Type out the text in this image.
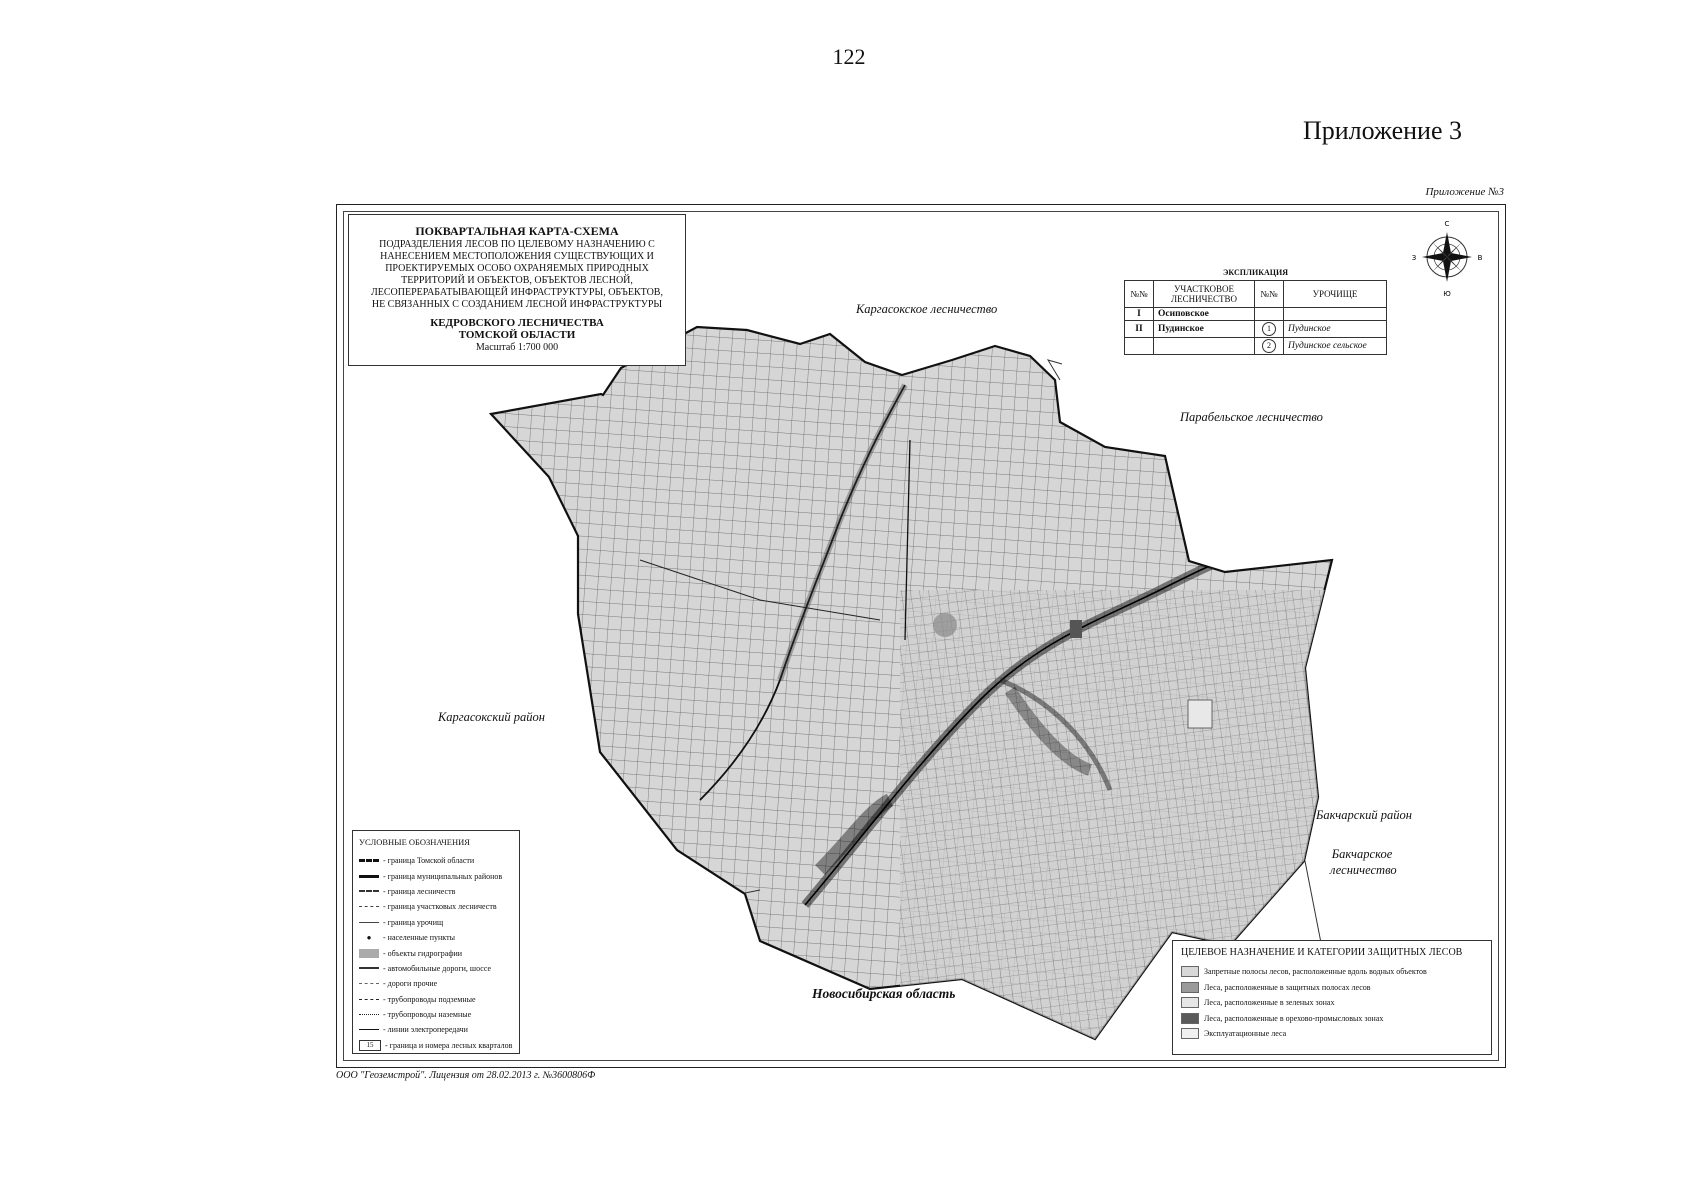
122
Приложение 3
Приложение №3
ПОКВАРТАЛЬНАЯ КАРТА-СХЕМА
ПОДРАЗДЕЛЕНИЯ ЛЕСОВ ПО ЦЕЛЕВОМУ НАЗНАЧЕНИЮ С НАНЕСЕНИЕМ МЕСТОПОЛОЖЕНИЯ СУЩЕСТВУЮЩИХ И ПРОЕКТИРУЕМЫХ ОСОБО ОХРАНЯЕМЫХ ПРИРОДНЫХ ТЕРРИТОРИЙ И ОБЪЕКТОВ, ОБЪЕКТОВ ЛЕСНОЙ, ЛЕСОПЕРЕРАБАТЫВАЮЩЕЙ ИНФРАСТРУКТУРЫ, ОБЪЕКТОВ, НЕ СВЯЗАННЫХ С СОЗДАНИЕМ ЛЕСНОЙ ИНФРАСТРУКТУРЫ
КЕДРОВСКОГО ЛЕСНИЧЕСТВА
ТОМСКОЙ ОБЛАСТИ
Масштаб 1:700 000
ЭКСПЛИКАЦИЯ
№№	УЧАСТКОВОЕ ЛЕСНИЧЕСТВО	№№	УРОЧИЩЕ
I	Осиповское		
II	Пудинское	1	Пудинское
		2	Пудинское сельское
Каргасокское лесничество
Парабельское лесничество
Каргасокский район
Бакчарский район
Бакчарское лесничество
Новосибирская область
С
Ю
З	В
УСЛОВНЫЕ ОБОЗНАЧЕНИЯ
- граница Томской области
- граница муниципальных районов
- граница лесничеств
- граница участковых лесничеств
- граница урочищ
●	- населенные пункты
- объекты гидрографии
- автомобильные дороги, шоссе
- дороги прочие
- трубопроводы подземные
- трубопроводы наземные
- линии электропередачи
15	- граница и номера лесных кварталов
ЦЕЛЕВОЕ НАЗНАЧЕНИЕ И КАТЕГОРИИ ЗАЩИТНЫХ ЛЕСОВ
Запретные полосы лесов, расположенные вдоль водных объектов
Леса, расположенные в защитных полосах лесов
Леса, расположенные в зеленых зонах
Леса, расположенные в орехово-промысловых зонах
Эксплуатационные леса
ООО "Геоземстрой". Лицензия от 28.02.2013 г. №3600806Ф
